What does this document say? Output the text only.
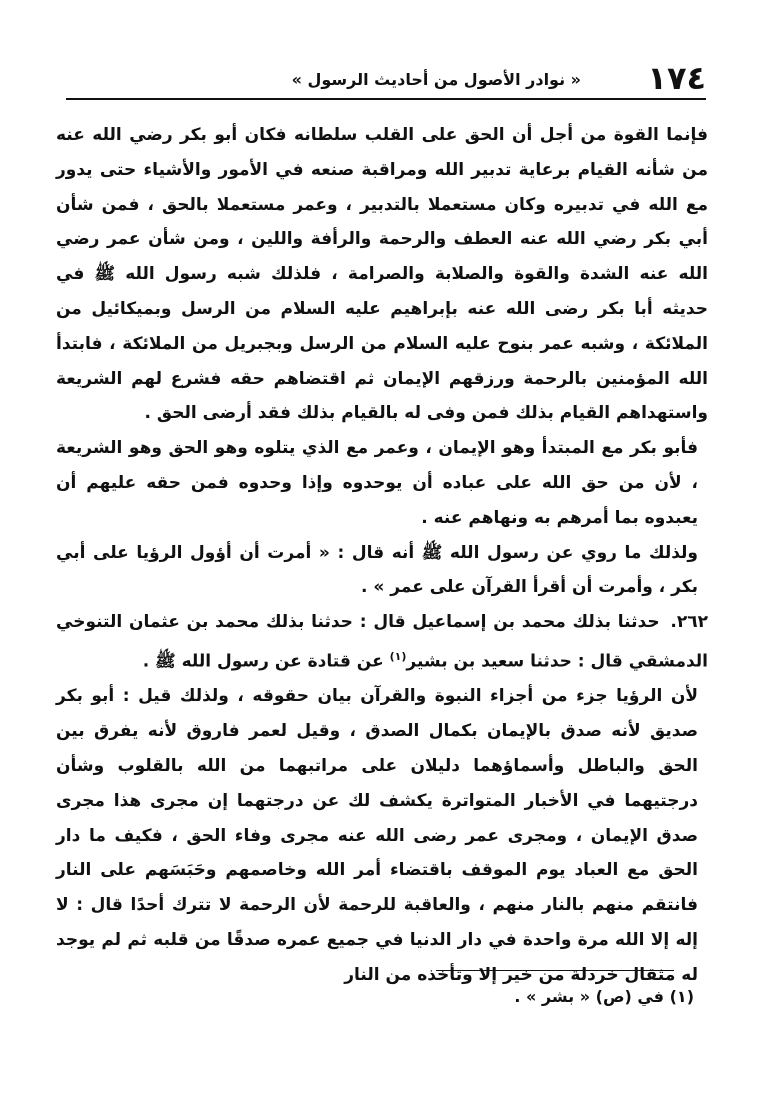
١٧٤
« نوادر الأصول من أحاديث الرسول »

فإنما القوة من أجل أن الحق على القلب سلطانه فكان أبو بكر رضي الله عنه من شأنه القيام برعاية تدبير الله ومراقبة صنعه في الأمور والأشياء حتى يدور مع الله في تدبيره وكان مستعملا بالتدبير ، وعمر مستعملا بالحق ، فمن شأن أبي بكر رضي الله عنه العطف والرحمة والرأفة واللين ، ومن شأن عمر رضي الله عنه الشدة والقوة والصلابة والصرامة ، فلذلك شبه رسول الله ﷺ في حديثه أبا بكر رضى الله عنه بإبراهيم عليه السلام من الرسل وبميكائيل من الملائكة ، وشبه عمر بنوح عليه السلام من الرسل وبجبريل من الملائكة ، فابتدأ الله المؤمنين بالرحمة ورزقهم الإيمان ثم اقتضاهم حقه فشرع لهم الشريعة واستهداهم القيام بذلك فمن وفى له بالقيام بذلك فقد أرضى الحق .

فأبو بكر مع المبتدأ وهو الإيمان ، وعمر مع الذي يتلوه وهو الحق وهو الشريعة ، لأن من حق الله على عباده أن يوحدوه وإذا وحدوه فمن حقه عليهم أن يعبدوه بما أمرهم به ونهاهم عنه .

ولذلك ما روي عن رسول الله ﷺ أنه قال : « أمرت أن أؤول الرؤيا على أبي بكر ، وأمرت أن أقرأ القرآن على عمر » .

٢٦٢. حدثنا بذلك محمد بن إسماعيل قال : حدثنا بذلك محمد بن عثمان التنوخي الدمشقي قال : حدثنا سعيد بن بشير$^{(١)}$ عن قتادة عن رسول الله ﷺ .

لأن الرؤيا جزء من أجزاء النبوة والقرآن بيان حقوقه ، ولذلك قيل : أبو بكر صديق لأنه صدق بالإيمان بكمال الصدق ، وقيل لعمر فاروق لأنه يفرق بين الحق والباطل وأسماؤهما دليلان على مراتبهما من الله بالقلوب وشأن درجتيهما في الأخبار المتواترة يكشف لك عن درجتهما إن مجرى هذا مجرى صدق الإيمان ، ومجرى عمر رضى الله عنه مجرى وفاء الحق ، فكيف ما دار الحق مع العباد يوم الموقف باقتضاء أمر الله وخاصمهم وحَبَسَهم على النار فانتقم منهم بالنار منهم ، والعاقبة للرحمة لأن الرحمة لا تترك أحدًا قال : لا إله إلا الله مرة واحدة في دار الدنيا في جميع عمره صدقًا من قلبه ثم لم يوجد له مثقال خردلة من خير إلا وتأخذه من النار

(١) في (ص) « بشر » .
